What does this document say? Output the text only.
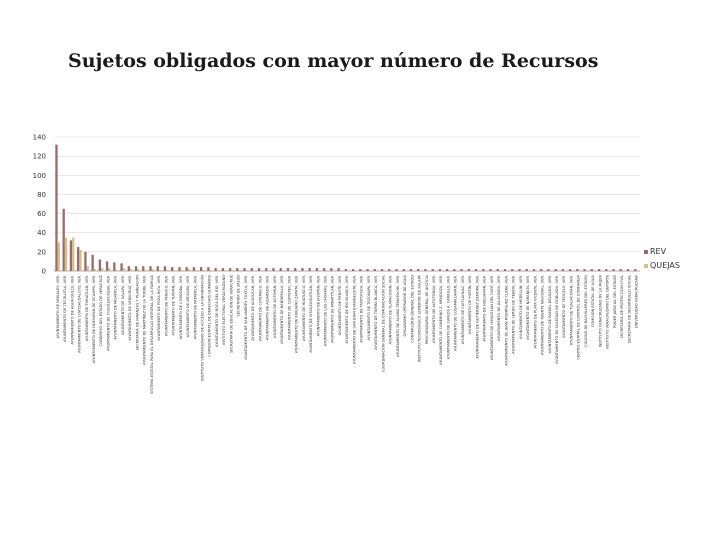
Sujetos obligados con mayor número de Recursos
0
20
40
60
80
100
120
140
AYUNTAMIENTO DE NOGALES, VER. AYUNTAMIENTO DE TECOLUTLA, VER. AYUNTAMIENTO DE AGUA DULCE, VER. AYUNTAMIENTO DE COATZACOALCOS, VER. AYUNTAMIENTO DE TIHUATLÁN, VER. AYUNTAMIENTO DE HUEYAPAN DE OCAMPO, VER. CONGRESO DEL ESTADO DE VERACRUZ AYUNTAMIENTO DE COSOLEACAQUE, VER. AYUNTAMIENTO DE MISANTLA, VER. AYUNTAMIENTO DE XALAPA, VER. AYUNTAMIENTO DE VERACRUZ, VER. SECRETARÍA DE FINANZAS Y PLANEACIÓN AYUNTAMIENTO DE MARTÍNEZ DE LA TORRE, VER. SISTEMA ESTATAL PARA EL DESARROLLO INTEGRAL DE LA FAMILIA AYUNTAMIENTO DE POZA RICA, VER. AYUNTAMIENTO DE PÁNUCO, VER. AYUNTAMIENTO DE TUXPAN, VER. AYUNTAMIENTO DE CÓRDOBA, VER. AYUNTAMIENTO DE ORIZABA, VER. AYUNTAMIENTO DE PAPANTLA, VER. INSTITUTO VERACRUZANO DE ACCESO A LA INFORMACIÓN COMISIÓN ESTATAL DE DERECHOS HUMANOS AYUNTAMIENTO DE BOCA DEL RÍO, VER. INSTITUTO ELECTORAL VERACRUZANO SECRETARÍA DE EDUCACIÓN DE VERACRUZ SECRETARÍA DE SALUD AYUNTAMIENTO DE SAN ANDRÉS TUXTLA, VER. AYUNTAMIENTO DE ACAYUCAN, VER. AYUNTAMIENTO DE CATEMACO, VER. AYUNTAMIENTO DE ALVARADO, VER. AYUNTAMIENTO DE ACTOPAN, VER. AYUNTAMIENTO DE BANDERILLA, VER. AYUNTAMIENTO DE COATEPEC, VER. AYUNTAMIENTO DE EMILIANO ZAPATA, VER. AYUNTAMIENTO DE HUATUSCO, VER. AYUNTAMIENTO DE IXTACZOQUITLÁN, VER. AYUNTAMIENTO DE JÁLTIPAN, VER. AYUNTAMIENTO DE LAS CHOAPAS, VER. AYUNTAMIENTO DE MINATITLÁN, VER. AYUNTAMIENTO DE PEROTE, VER. AYUNTAMIENTO DE RÍO BLANCO, VER. AYUNTAMIENTO DE SAN JUAN EVANGELISTA, VER. AYUNTAMIENTO DE TANTOYUCA, VER. AYUNTAMIENTO DE TEZONAPA, VER. AYUNTAMIENTO DE TIERRA BLANCA, VER. COORDINACIÓN GENERAL DE COMUNICACIÓN SOCIAL AYUNTAMIENTO DE TLAPACOYAN, VER. AYUNTAMIENTO DE ÁLAMO TEMAPACHE, VER. ORGANISMO OPERADOR DE AGUA CONTRALORÍA GENERAL DEL ESTADO INSTITUTO TECNOLÓGICO SUPERIOR DE XALAPA PROCURADURÍA GENERAL DE JUSTICIA AYUNTAMIENTO DE ALTOTONGA, VER. AYUNTAMIENTO DE CAMERINO Z. MENDOZA, VER. AYUNTAMIENTO DE CARLOS A. CARRILLO, VER. AYUNTAMIENTO DE COSAMALOAPAN, VER. AYUNTAMIENTO DE CUITLÁHUAC, VER. AYUNTAMIENTO DE FORTÍN, VER. AYUNTAMIENTO DE GUTIÉRREZ ZAMORA, VER. AYUNTAMIENTO DE HUILOAPAN, VER. AYUNTAMIENTO DE IXHUATLÁN DEL CAFÉ, VER. AYUNTAMIENTO DE JALACINGO, VER. AYUNTAMIENTO DE JUAN RODRÍGUEZ CLARA, VER. AYUNTAMIENTO DE LERDO DE TEJADA, VER. AYUNTAMIENTO DE MEDELLÍN, VER. AYUNTAMIENTO DE NARANJOS, VER. AYUNTAMIENTO DE PLAYA VICENTE, VER. AYUNTAMIENTO DE PUENTE NACIONAL, VER. AYUNTAMIENTO DE RAFAEL DELGADO, VER. AYUNTAMIENTO DE SOLEDAD DE DOBLADO, VER. AYUNTAMIENTO DE TEOCELO, VER. AYUNTAMIENTO DE TLALIXCOYAN, VER. CENTRO ESTATAL DE CONTROL DE CONFIANZA COLEGIO DE BACHILLERES DEL ESTADO COMISIÓN ESTATAL DE AGUA INSTITUTO VERACRUZANO DE LA MUJER INSTITUTO VERACRUZANO DEL DEPORTE PODER JUDICIAL DEL ESTADO SECRETARÍA DE PROTECCIÓN CIVIL SECRETARÍA DE DESARROLLO SOCIAL UNIVERSIDAD VERACRUZANA
REV
QUEJAS
